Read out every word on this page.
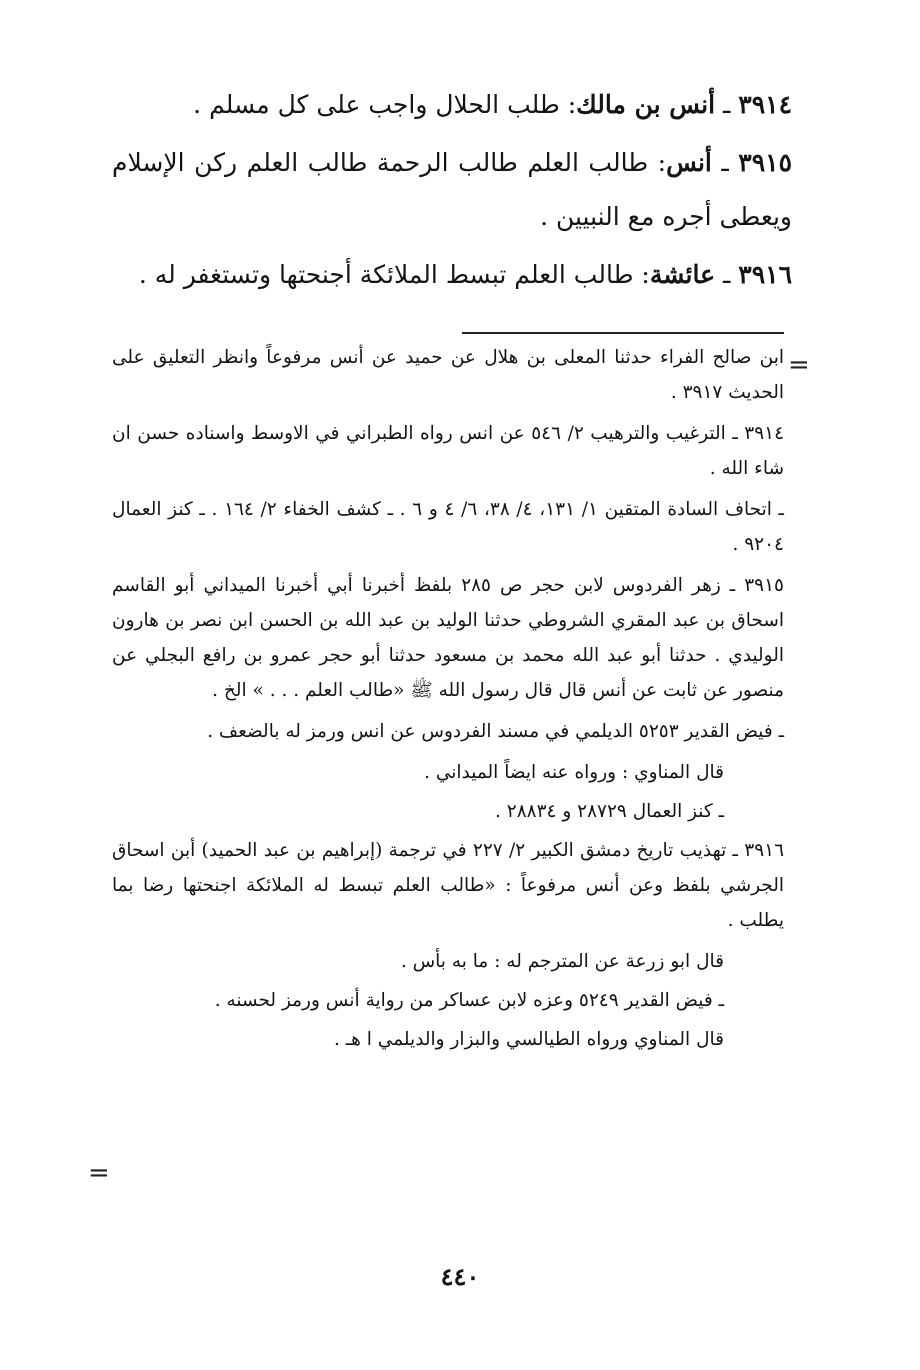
٣٩١٤ ـ أنس بن مالك: طلب الحلال واجب على كل مسلم .

٣٩١٥ ـ أنس: طالب العلم طالب الرحمة طالب العلم ركن الإسلام ويعطى أجره مع النبيين .

٣٩١٦ ـ عائشة: طالب العلم تبسط الملائكة أجنحتها وتستغفر له .

=

ابن صالح الفراء حدثنا المعلى بن هلال عن حميد عن أنس مرفوعاً وانظر التعليق على الحديث ٣٩١٧ .

٣٩١٤ ـ الترغيب والترهيب ٢/ ٥٤٦ عن انس رواه الطبراني في الاوسط واسناده حسن ان شاء الله .

ـ اتحاف السادة المتقين ١/ ١٣١، ٤/ ٣٨، ٦/ ٤ و ٦ . ـ كشف الخفاء ٢/ ١٦٤ . ـ كنز العمال ٩٢٠٤ .

٣٩١٥ ـ زهر الفردوس لابن حجر ص ٢٨٥ بلفظ أخبرنا أبي أخبرنا الميداني أبو القاسم اسحاق بن عبد المقري الشروطي حدثنا الوليد بن عبد الله بن الحسن ابن نصر بن هارون الوليدي . حدثنا أبو عبد الله محمد بن مسعود حدثنا أبو حجر عمرو بن رافع البجلي عن منصور عن ثابت عن أنس قال قال رسول الله ﷺ «طالب العلم . . . » الخ .

ـ فيض القدير ٥٢٥٣ الديلمي في مسند الفردوس عن انس ورمز له بالضعف .

قال المناوي : ورواه عنه ايضاً الميداني .

ـ كنز العمال ٢٨٧٢٩ و ٢٨٨٣٤ .

٣٩١٦ ـ تهذيب تاريخ دمشق الكبير ٢/ ٢٢٧ في ترجمة (إبراهيم بن عبد الحميد) أبن اسحاق الجرشي بلفظ وعن أنس مرفوعاً : «طالب العلم تبسط له الملائكة اجنحتها رضا بما يطلب .

قال ابو زرعة عن المترجم له : ما به بأس .

ـ فيض القدير ٥٢٤٩ وعزه لابن عساكر من رواية أنس ورمز لحسنه .

قال المناوي ورواه الطيالسي والبزار والديلمي ا هـ .

=
٤٤٠
